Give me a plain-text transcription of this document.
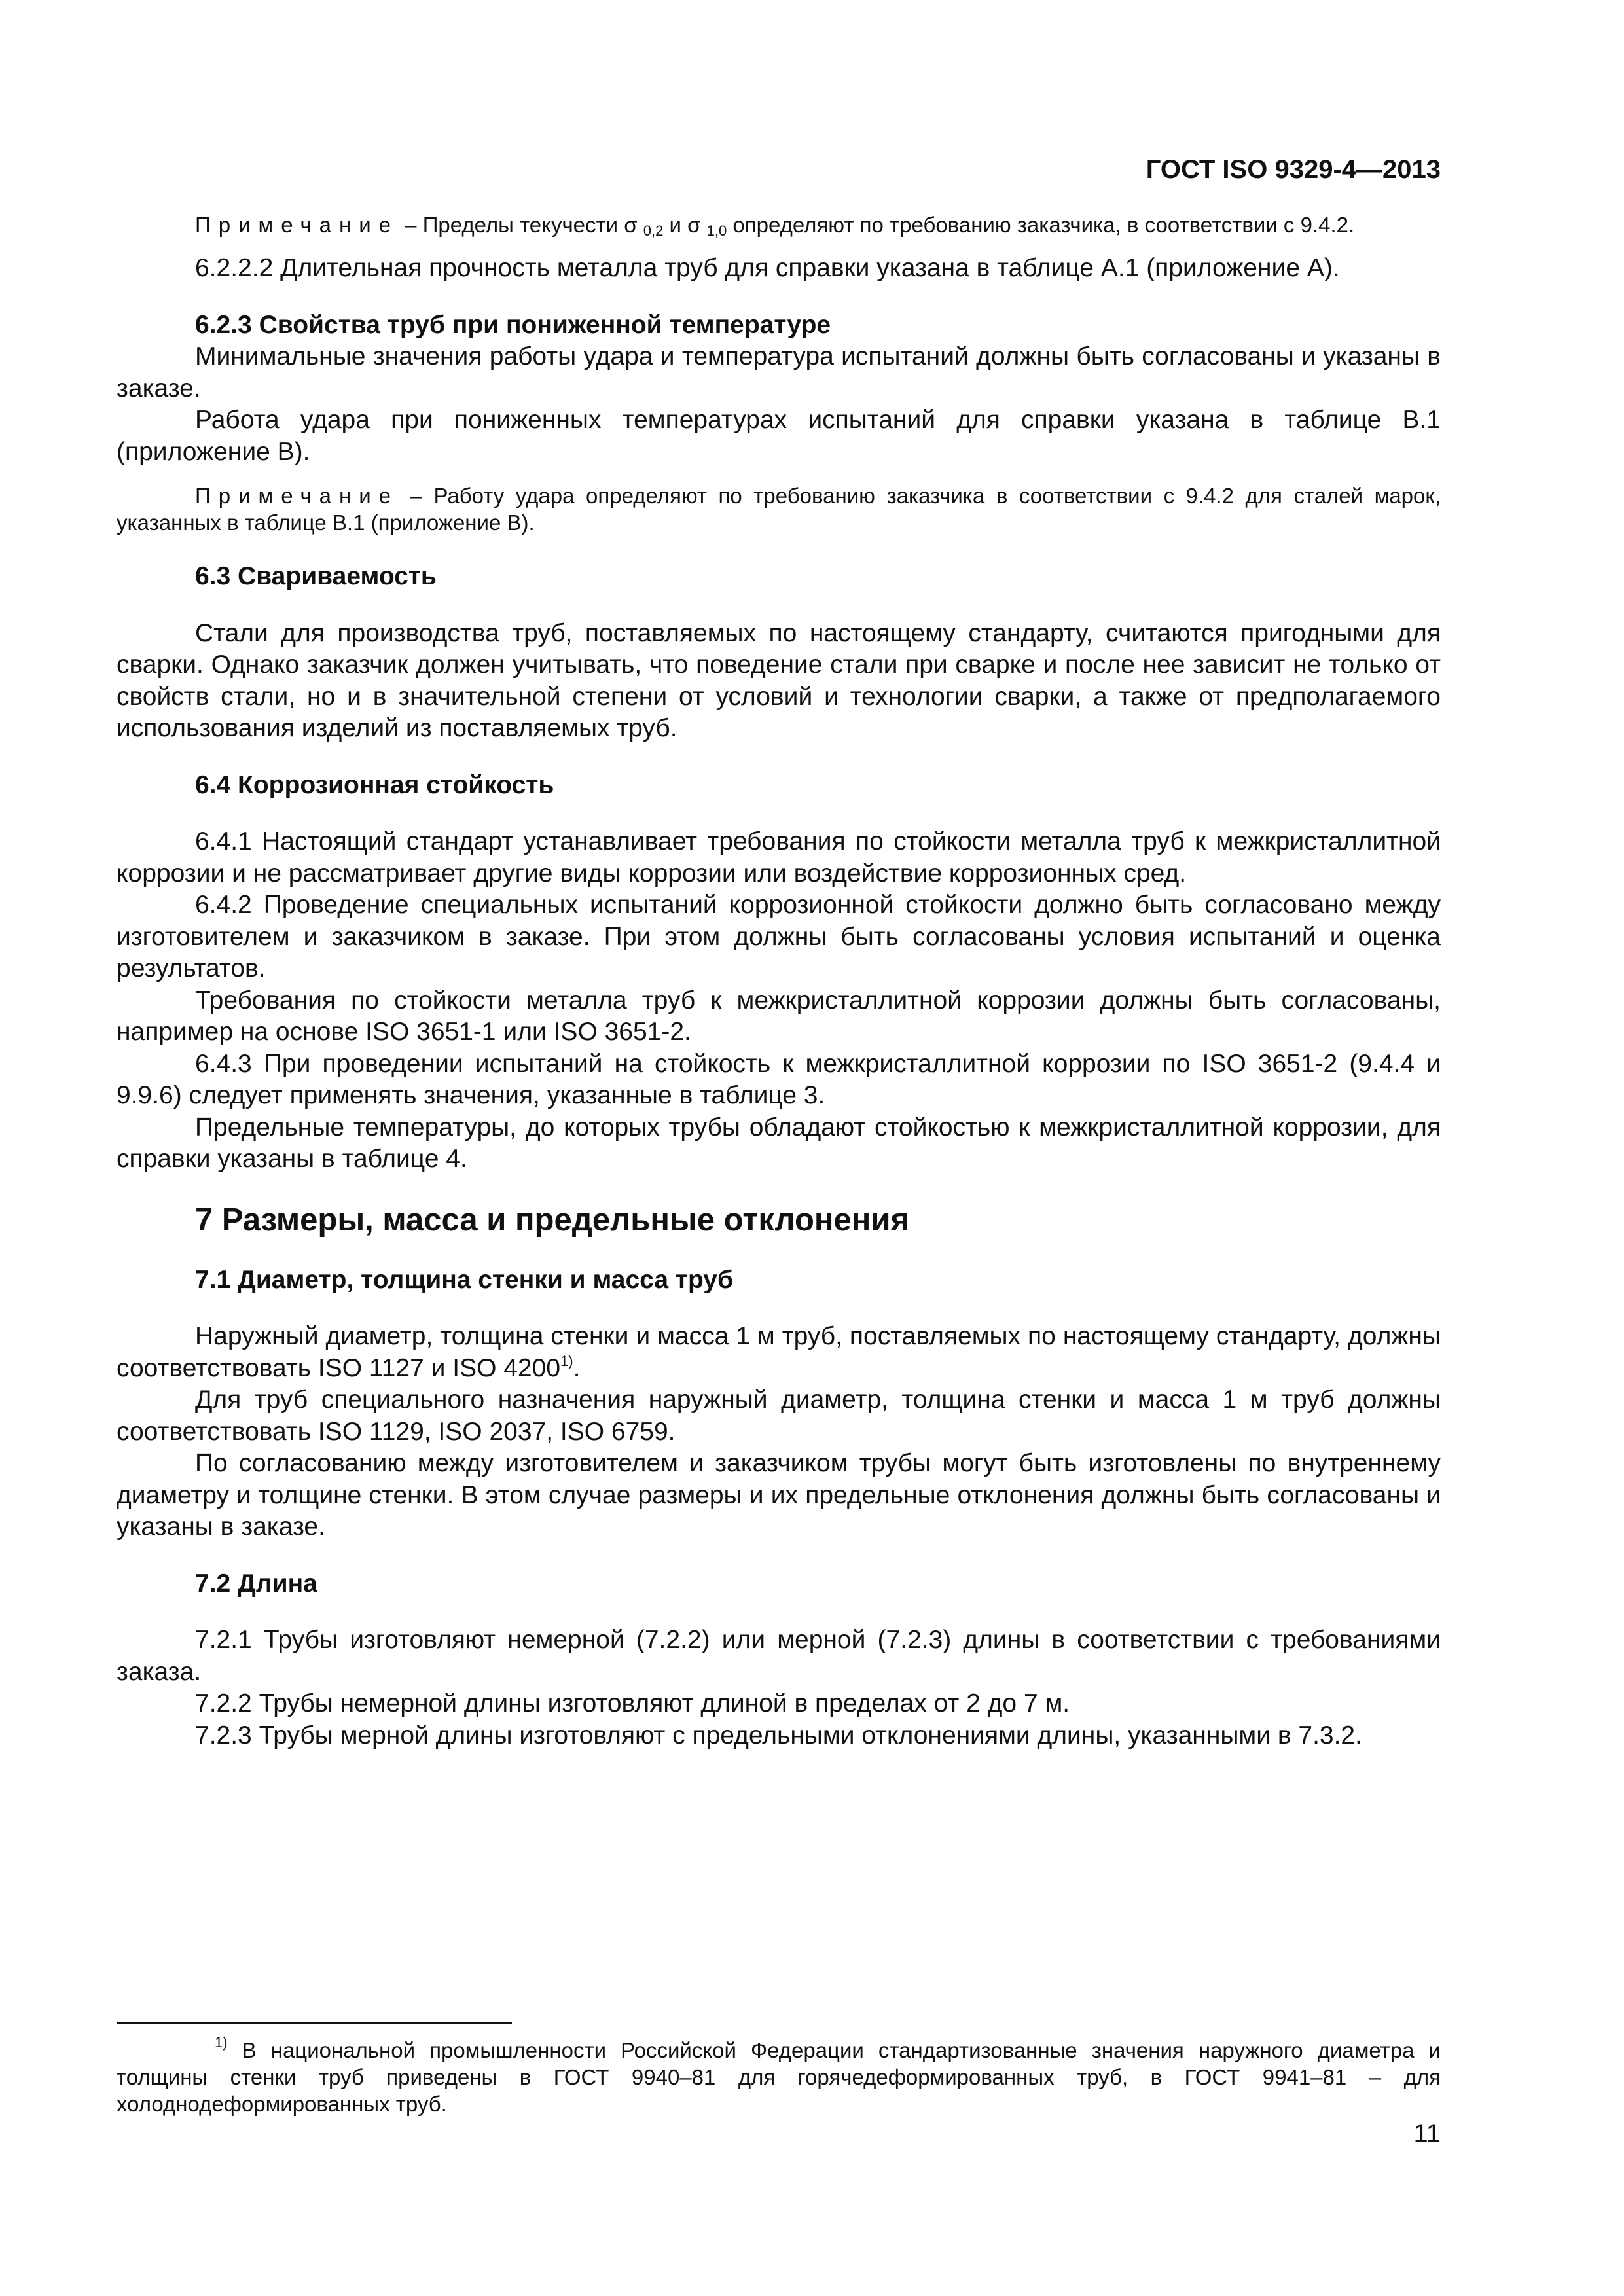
ГОСТ ISO 9329-4—2013

Примечание – Пределы текучести σ $_{0,2}$ и σ $_{1,0}$ определяют по требованию заказчика, в соответствии с 9.4.2.

6.2.2.2 Длительная прочность металла труб для справки указана в таблице А.1 (приложение А).

6.2.3 Свойства труб при пониженной температуре

Минимальные значения работы удара и температура испытаний должны быть согласованы и указаны в заказе.

Работа удара при пониженных температурах испытаний для справки указана в таблице В.1 (приложение В).

Примечание – Работу удара определяют по требованию заказчика в соответствии с 9.4.2 для сталей марок, указанных в таблице В.1 (приложение В).

6.3 Свариваемость

Стали для производства труб, поставляемых по настоящему стандарту, считаются пригодными для сварки. Однако заказчик должен учитывать, что поведение стали при сварке и после нее зависит не только от свойств стали, но и в значительной степени от условий и технологии сварки, а также от предполагаемого использования изделий из поставляемых труб.

6.4 Коррозионная стойкость

6.4.1 Настоящий стандарт устанавливает требования по стойкости металла труб к межкристаллитной коррозии и не рассматривает другие виды коррозии или воздействие коррозионных сред.

6.4.2 Проведение специальных испытаний коррозионной стойкости должно быть согласовано между изготовителем и заказчиком в заказе. При этом должны быть согласованы условия испытаний и оценка результатов.

Требования по стойкости металла труб к межкристаллитной коррозии должны быть согласованы, например на основе ISO 3651-1 или ISO 3651-2.

6.4.3 При проведении испытаний на стойкость к межкристаллитной коррозии по ISO 3651-2 (9.4.4 и 9.9.6) следует применять значения, указанные в таблице 3.

Предельные температуры, до которых трубы обладают стойкостью к межкристаллитной коррозии, для справки указаны в таблице 4.

7 Размеры, масса и предельные отклонения
7.1 Диаметр, толщина стенки и масса труб

Наружный диаметр, толщина стенки и масса 1 м труб, поставляемых по настоящему стандарту, должны соответствовать ISO 1127 и ISO 4200$^{1)}$.

Для труб специального назначения наружный диаметр, толщина стенки и масса 1 м труб должны соответствовать ISO 1129, ISO 2037, ISO 6759.

По согласованию между изготовителем и заказчиком трубы могут быть изготовлены по внутреннему диаметру и толщине стенки. В этом случае размеры и их предельные отклонения должны быть согласованы и указаны в заказе.

7.2 Длина

7.2.1 Трубы изготовляют немерной (7.2.2) или мерной (7.2.3) длины в соответствии с требованиями заказа.

7.2.2 Трубы немерной длины изготовляют длиной в пределах от 2 до 7 м.

7.2.3 Трубы мерной длины изготовляют с предельными отклонениями длины, указанными в 7.3.2.

$^{1)}$ В национальной промышленности Российской Федерации стандартизованные значения наружного диаметра и толщины стенки труб приведены в ГОСТ 9940–81 для горячедеформированных труб, в ГОСТ 9941–81 – для холоднодеформированных труб.

11
